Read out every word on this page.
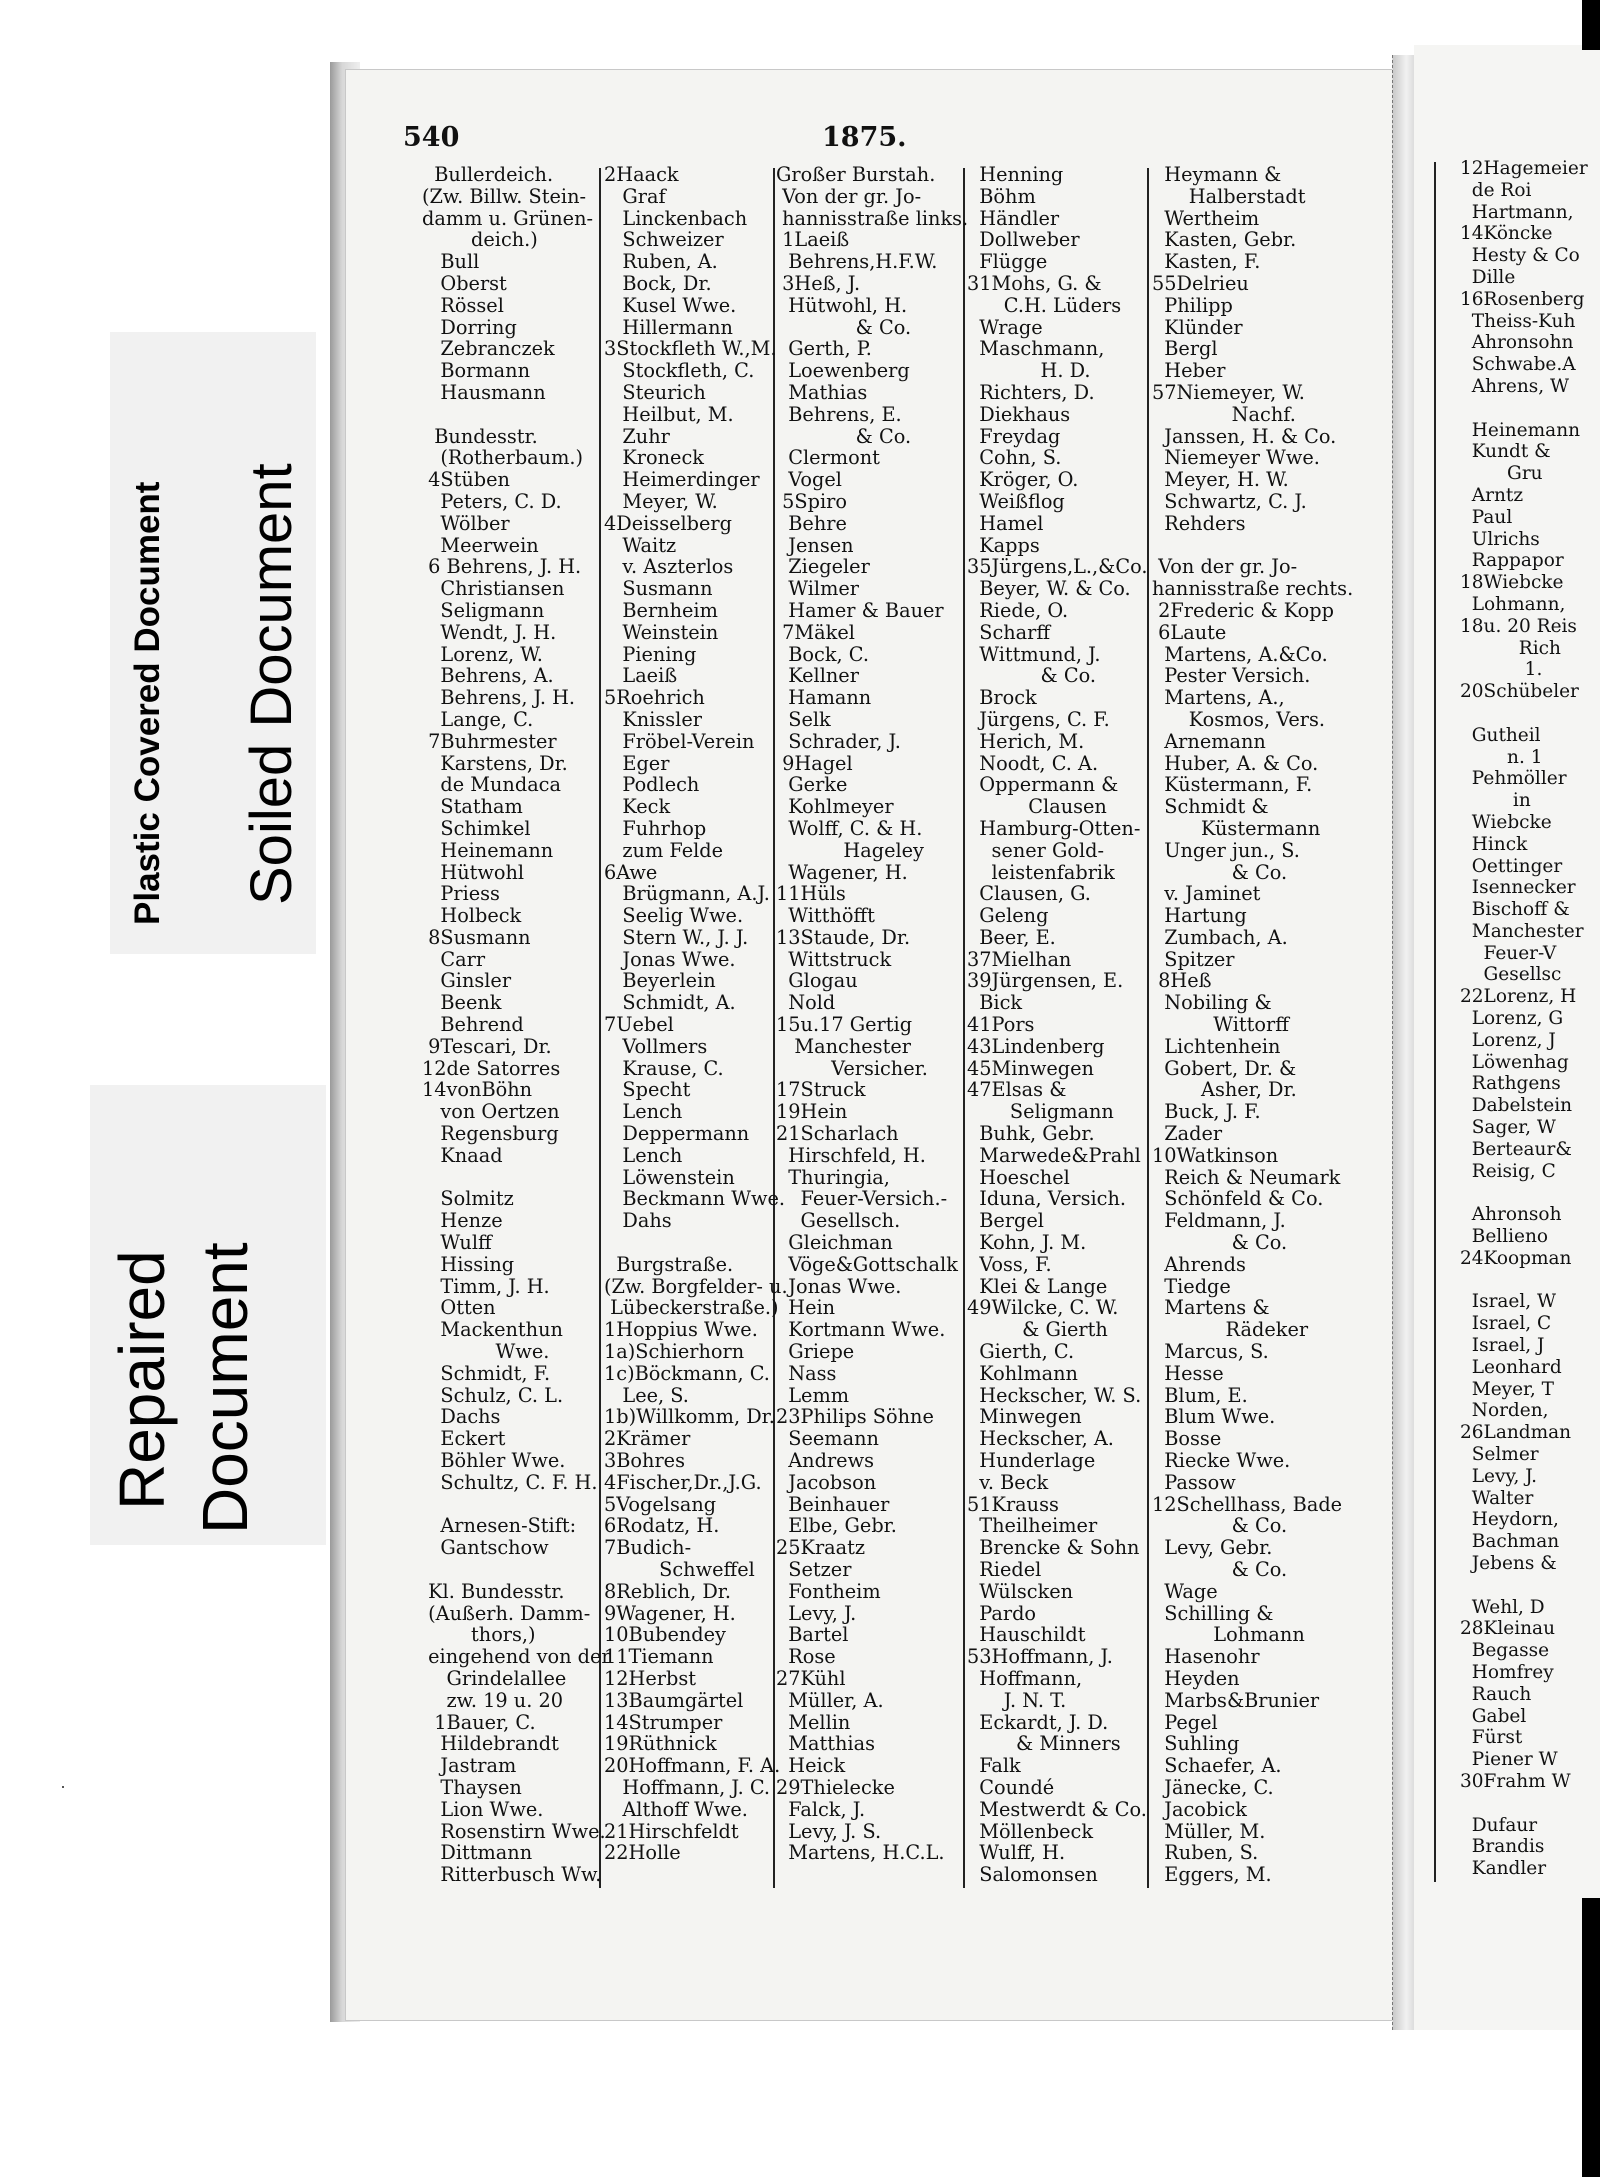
Plastic Covered Document Soiled Document
Repaired Document
540	1875.
Bullerdeich.
(Zw. Billw. Stein-
damm u. Grünen-
deich.)
Bull
Oberst
Rössel
Dorring
Zebranczek
Bormann
Hausmann
Bundesstr.
(Rotherbaum.)
4Stüben
Peters, C. D.
Wölber
Meerwein
6 Behrens, J. H.
Christiansen
Seligmann
Wendt, J. H.
Lorenz, W.
Behrens, A.
Behrens, J. H.
Lange, C.
7Buhrmester
Karstens, Dr.
de Mundaca
Statham
Schimkel
Heinemann
Hütwohl
Priess
Holbeck
8Susmann
Carr
Ginsler
Beenk
Behrend
9Tescari, Dr.
12de Satorres
14vonBöhn
von Oertzen
Regensburg
Knaad
Solmitz
Henze
Wulff
Hissing
Timm, J. H.
Otten
Mackenthun
Wwe.
Schmidt, F.
Schulz, C. L.
Dachs
Eckert
Böhler Wwe.
Schultz, C. F. H.
Arnesen-Stift:
Gantschow
Kl. Bundesstr.
(Außerh. Damm-
thors,)
eingehend von der
Grindelallee
zw. 19 u. 20
1Bauer, C.
Hildebrandt
Jastram
Thaysen
Lion Wwe.
Rosenstirn Wwe.
Dittmann
Ritterbusch Ww.
2Haack
Graf
Linckenbach
Schweizer
Ruben, A.
Bock, Dr.
Kusel Wwe.
Hillermann
3Stockfleth W.,M.
Stockfleth, C.
Steurich
Heilbut, M.
Zuhr
Kroneck
Heimerdinger
Meyer, W.
4Deisselberg
Waitz
v. Aszterlos
Susmann
Bernheim
Weinstein
Piening
Laeiß
5Roehrich
Knissler
Fröbel-Verein
Eger
Podlech
Keck
Fuhrhop
zum Felde
6Awe
Brügmann, A.J.
Seelig Wwe.
Stern W., J. J.
Jonas Wwe.
Beyerlein
Schmidt, A.
7Uebel
Vollmers
Krause, C.
Specht
Lench
Deppermann
Lench
Löwenstein
Beckmann Wwe.
Dahs
Burgstraße.
(Zw. Borgfelder- u.
Lübeckerstraße.)
1Hoppius Wwe.
1a)Schierhorn
1c)Böckmann, C.
Lee, S.
1b)Willkomm, Dr.
2Krämer
3Bohres
4Fischer,Dr.,J.G.
5Vogelsang
6Rodatz, H.
7Budich-
Schweffel
8Reblich, Dr.
9Wagener, H.
10Bubendey
11Tiemann
12Herbst
13Baumgärtel
14Strumper
19Rüthnick
20Hoffmann, F. A.
Hoffmann, J. C.
Althoff Wwe.
21Hirschfeldt
22Holle
Großer Burstah.
Von der gr. Jo-
hannisstraße links.
1Laeiß
Behrens,H.F.W.
3Heß, J.
Hütwohl, H.
& Co.
Gerth, P.
Loewenberg
Mathias
Behrens, E.
& Co.
Clermont
Vogel
5Spiro
Behre
Jensen
Ziegeler
Wilmer
Hamer & Bauer
7Mäkel
Bock, C.
Kellner
Hamann
Selk
Schrader, J.
9Hagel
Gerke
Kohlmeyer
Wolff, C. & H.
Hageley
Wagener, H.
11Hüls
Witthöfft
13Staude, Dr.
Wittstruck
Glogau
Nold
15u.17 Gertig
Manchester
Versicher.
17Struck
19Hein
21Scharlach
Hirschfeld, H.
Thuringia,
Feuer-Versich.-
Gesellsch.
Gleichman
Vöge&Gottschalk
Jonas Wwe.
Hein
Kortmann Wwe.
Griepe
Nass
Lemm
23Philips Söhne
Seemann
Andrews
Jacobson
Beinhauer
Elbe, Gebr.
25Kraatz
Setzer
Fontheim
Levy, J.
Bartel
Rose
27Kühl
Müller, A.
Mellin
Matthias
Heick
29Thielecke
Falck, J.
Levy, J. S.
Martens, H.C.L.
Henning
Böhm
Händler
Dollweber
Flügge
31Mohs, G. &
C.H. Lüders
Wrage
Maschmann,
H. D.
Richters, D.
Diekhaus
Freydag
Cohn, S.
Kröger, O.
Weißflog
Hamel
Kapps
35Jürgens,L.,&Co.
Beyer, W. & Co.
Riede, O.
Scharff
Wittmund, J.
& Co.
Brock
Jürgens, C. F.
Herich, M.
Noodt, C. A.
Oppermann &
Clausen
Hamburg-Otten-
sener Gold-
leistenfabrik
Clausen, G.
Geleng
Beer, E.
37Mielhan
39Jürgensen, E.
Bick
41Pors
43Lindenberg
45Minwegen
47Elsas &
Seligmann
Buhk, Gebr.
Marwede&Prahl
Hoeschel
Iduna, Versich.
Bergel
Kohn, J. M.
Voss, F.
Klei & Lange
49Wilcke, C. W.
& Gierth
Gierth, C.
Kohlmann
Heckscher, W. S.
Minwegen
Heckscher, A.
Hunderlage
v. Beck
51Krauss
Theilheimer
Brencke & Sohn
Riedel
Wülscken
Pardo
Hauschildt
53Hoffmann, J.
Hoffmann,
J. N. T.
Eckardt, J. D.
& Minners
Falk
Coundé
Mestwerdt & Co.
Möllenbeck
Wulff, H.
Salomonsen
Heymann &
Halberstadt
Wertheim
Kasten, Gebr.
Kasten, F.
55Delrieu
Philipp
Klünder
Bergl
Heber
57Niemeyer, W.
Nachf.
Janssen, H. & Co.
Niemeyer Wwe.
Meyer, H. W.
Schwartz, C. J.
Rehders
Von der gr. Jo-
hannisstraße rechts.
2Frederic & Kopp
6Laute
Martens, A.&Co.
Pester Versich.
Martens, A.,
Kosmos, Vers.
Arnemann
Huber, A. & Co.
Küstermann, F.
Schmidt &
Küstermann
Unger jun., S.
& Co.
v. Jaminet
Hartung
Zumbach, A.
Spitzer
8Heß
Nobiling &
Wittorff
Lichtenhein
Gobert, Dr. &
Asher, Dr.
Buck, J. F.
Zader
10Watkinson
Reich & Neumark
Schönfeld & Co.
Feldmann, J.
& Co.
Ahrends
Tiedge
Martens &
Rädeker
Marcus, S.
Hesse
Blum, E.
Blum Wwe.
Bosse
Riecke Wwe.
Passow
12Schellhass, Bade
& Co.
Levy, Gebr.
& Co.
Wage
Schilling &
Lohmann
Hasenohr
Heyden
Marbs&Brunier
Pegel
Suhling
Schaefer, A.
Jänecke, C.
Jacobick
Müller, M.
Ruben, S.
Eggers, M.
12Hagemeier
de Roi
Hartmann,
14Köncke
Hesty & Co
Dille
16Rosenberg
Theiss-Kuh
Ahronsohn
Schwabe.A
Ahrens, W
Heinemann
Kundt &
Gru
Arntz
Paul
Ulrichs
Rappapor
18Wiebcke
Lohmann,
18u. 20 Reis
Rich
1.
20Schübeler
Gutheil
n. 1
Pehmöller
in
Wiebcke
Hinck
Oettinger
Isennecker
Bischoff &
Manchester
Feuer-V
Gesellsc
22Lorenz, H
Lorenz, G
Lorenz, J
Löwenhag
Rathgens
Dabelstein
Sager, W
Berteaur&
Reisig, C
Ahronsoh
Bellieno
24Koopman
Israel, W
Israel, C
Israel, J
Leonhard
Meyer, T
Norden,
26Landman
Selmer
Levy, J.
Walter
Heydorn,
Bachman
Jebens &
Wehl, D
28Kleinau
Begasse
Homfrey
Rauch
Gabel
Fürst
Piener W
30Frahm W
Dufaur
Brandis
Kandler
